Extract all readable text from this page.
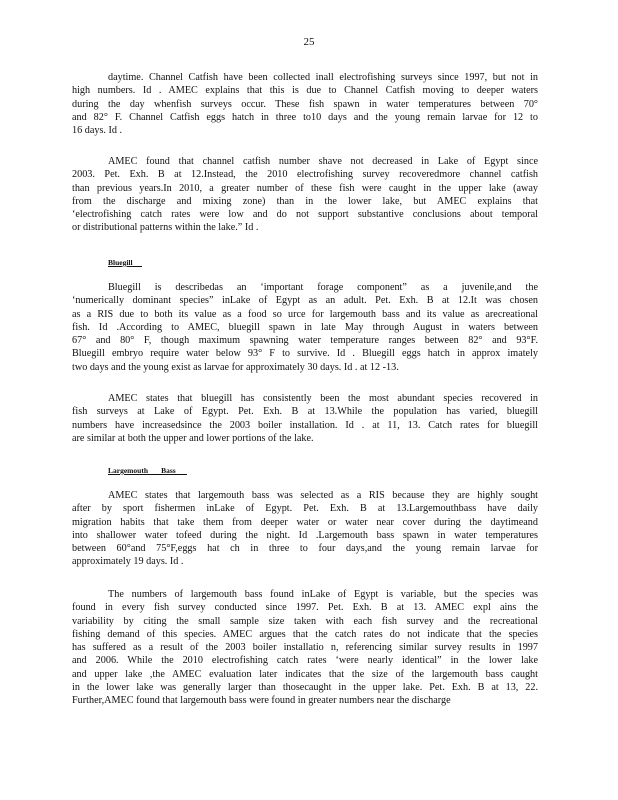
25
daytime. Channel Catfish have been collected inall electrofishing surveys since 1997, but not in
high numbers. Id . AMEC explains that this is due to Channel Catfish moving to deeper waters
during the day whenfish surveys occur. These fish spawn in water temperatures between 70°
and 82° F. Channel Catfish eggs hatch in three to10 days and the young remain larvae for 12 to
16 days. Id .
AMEC found that channel catfish number shave not decreased in Lake of Egypt since
2003. Pet. Exh. B at 12.Instead, the 2010 electrofishing survey recoveredmore channel catfish
than previous years.In 2010, a greater number of these fish were caught in the upper lake (away
from the discharge and mixing zone) than in the lower lake, but AMEC explains that
‘electrofishing catch rates were low and do not support substantive conclusions about temporal
or distributional patterns within the lake.” Id .
Bluegill
Bluegill is describedas an ‘important forage component” as a juvenile,and the
‘numerically dominant species” inLake of Egypt as an adult. Pet. Exh. B at 12.It was chosen
as a RIS due to both its value as a food so urce for largemouth bass and its value as arecreational
fish. Id .According to AMEC, bluegill spawn in late May through August in waters between
67° and 80° F, though maximum spawning water temperature ranges between 82° and 93°F.
Bluegill embryo require water below 93° F to survive. Id . Bluegill eggs hatch in approx imately
two days and the young exist as larvae for approximately 30 days. Id . at 12 -13.
AMEC states that bluegill has consistently been the most abundant species recovered in
fish surveys at Lake of Egypt. Pet. Exh. B at 13.While the population has varied, bluegill
numbers have increasedsince the 2003 boiler installation. Id . at 11, 13. Catch rates for bluegill
are similar at both the upper and lower portions of the lake.
Largemouth       Bass
AMEC states that largemouth bass was selected as a RIS because they are highly sought
after by sport fishermen inLake of Egypt. Pet. Exh. B at 13.Largemouthbass have daily
migration habits that take them from deeper water or water near cover during the daytimeand
into shallower water tofeed during the night. Id .Largemouth bass spawn in water temperatures
between 60°and 75°F,eggs hat ch in three to four days,and the young remain larvae for
approximately 19 days. Id .
The numbers of largemouth bass found inLake of Egypt is variable, but the species was
found in every fish survey conducted since 1997. Pet. Exh. B at 13. AMEC expl ains the
variability by citing the small sample size taken with each fish survey and the recreational
fishing demand of this species. AMEC argues that the catch rates do not indicate that the species
has suffered as a result of the 2003 boiler installatio n, referencing similar survey results in 1997
and 2006. While the 2010 electrofishing catch rates ‘were nearly identical” in the lower lake
and upper lake ,the AMEC evaluation later indicates that the size of the largemouth bass caught
in the lower lake was generally larger than thosecaught in the upper lake. Pet. Exh. B at 13, 22.
Further,AMEC found that largemouth bass were found in greater numbers near the discharge
